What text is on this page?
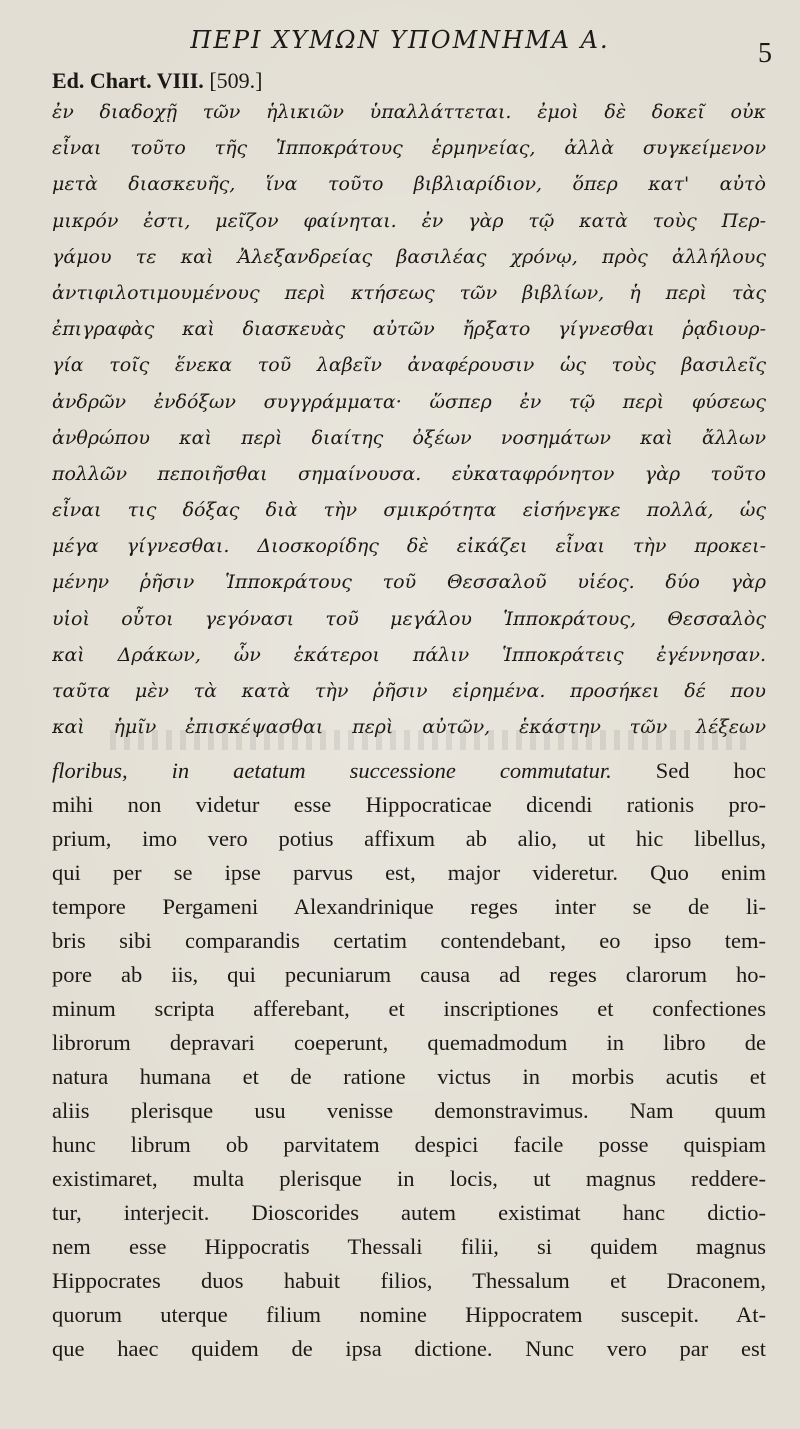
ΠΕΡΙ ΧΥΜΩΝ ΥΠΟΜΝΗΜΑ Α.	5
Ed. Chart. VIII. [509.]
ἐν διαδοχῇ τῶν ἡλικιῶν ὑπαλλάττεται. ἐμοὶ δὲ δοκεῖ οὐκ
εἶναι τοῦτο τῆς Ἱπποκράτους ἑρμηνείας, ἀλλὰ συγκείμενον
μετὰ διασκευῆς, ἵνα τοῦτο βιβλιαρίδιον, ὅπερ κατ' αὐτὸ
μικρόν ἐστι, μεῖζον φαίνηται. ἐν γὰρ τῷ κατὰ τοὺς Περ-
γάμου τε καὶ Ἀλεξανδρείας βασιλέας χρόνῳ, πρὸς ἀλλήλους
ἀντιφιλοτιμουμένους περὶ κτήσεως τῶν βιβλίων, ἡ περὶ τὰς
ἐπιγραφὰς καὶ διασκευὰς αὐτῶν ἤρξατο γίγνεσθαι ῥᾳδιουρ-
γία τοῖς ἕνεκα τοῦ λαβεῖν ἀναφέρουσιν ὡς τοὺς βασιλεῖς
ἀνδρῶν ἐνδόξων συγγράμματα· ὥσπερ ἐν τῷ περὶ φύσεως
ἀνθρώπου καὶ περὶ διαίτης ὀξέων νοσημάτων καὶ ἄλλων
πολλῶν πεποιῆσθαι σημαίνουσα. εὐκαταφρόνητον γὰρ τοῦτο
εἶναι τις δόξας διὰ τὴν σμικρότητα εἰσήνεγκε πολλά, ὡς
μέγα γίγνεσθαι. Διοσκορίδης δὲ εἰκάζει εἶναι τὴν προκει-
μένην ῥῆσιν Ἱπποκράτους τοῦ Θεσσαλοῦ υἱέος. δύο γὰρ
υἱοὶ οὗτοι γεγόνασι τοῦ μεγάλου Ἱπποκράτους, Θεσσαλὸς
καὶ Δράκων, ὧν ἑκάτεροι πάλιν Ἱπποκράτεις ἐγέννησαν.
ταῦτα μὲν τὰ κατὰ τὴν ῥῆσιν εἰρημένα. προσήκει δέ που
καὶ ἡμῖν ἐπισκέψασθαι περὶ αὐτῶν, ἑκάστην τῶν λέξεων
floribus, in aetatum successione commutatur. Sed hoc
mihi non videtur esse Hippocraticae dicendi rationis pro-
prium, imo vero potius affixum ab alio, ut hic libellus,
qui per se ipse parvus est, major videretur. Quo enim
tempore Pergameni Alexandrinique reges inter se de li-
bris sibi comparandis certatim contendebant, eo ipso tem-
pore ab iis, qui pecuniarum causa ad reges clarorum ho-
minum scripta afferebant, et inscriptiones et confectiones
librorum depravari coeperunt, quemadmodum in libro de
natura humana et de ratione victus in morbis acutis et
aliis plerisque usu venisse demonstravimus. Nam quum
hunc librum ob parvitatem despici facile posse quispiam
existimaret, multa plerisque in locis, ut magnus reddere-
tur, interjecit. Dioscorides autem existimat hanc dictio-
nem esse Hippocratis Thessali filii, si quidem magnus
Hippocrates duos habuit filios, Thessalum et Draconem,
quorum uterque filium nomine Hippocratem suscepit. At-
que haec quidem de ipsa dictione. Nunc vero par est
